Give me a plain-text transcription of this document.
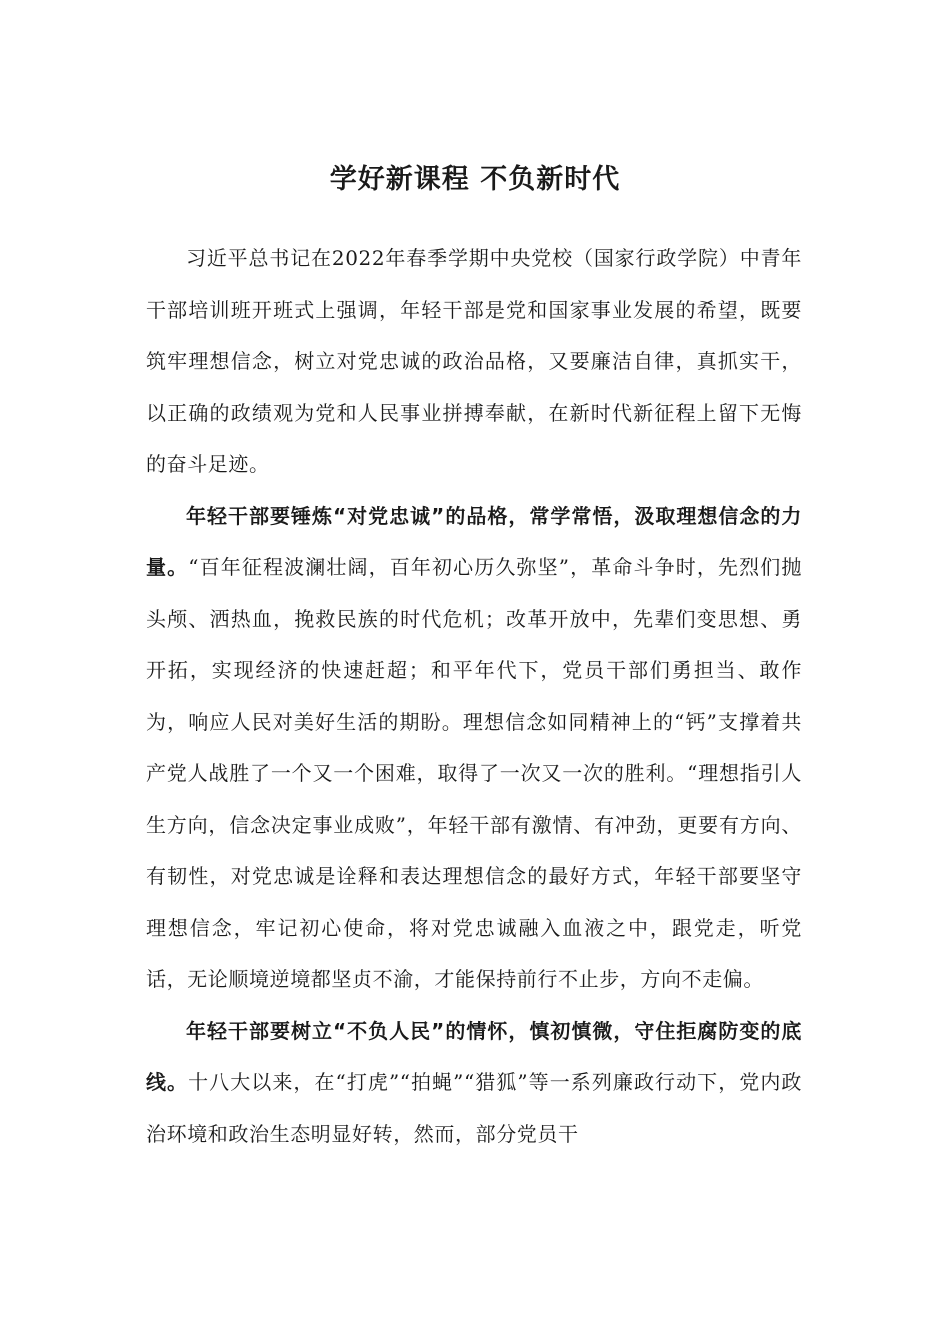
学好新课程 不负新时代

习近平总书记在2022年春季学期中央党校（国家行政学院）中青年干部培训班开班式上强调，年轻干部是党和国家事业发展的希望，既要筑牢理想信念，树立对党忠诚的政治品格，又要廉洁自律，真抓实干，以正确的政绩观为党和人民事业拼搏奉献，在新时代新征程上留下无悔的奋斗足迹。

年轻干部要锤炼“对党忠诚”的品格，常学常悟，汲取理想信念的力量。“百年征程波澜壮阔，百年初心历久弥坚”，革命斗争时，先烈们抛头颅、洒热血，挽救民族的时代危机；改革开放中，先辈们变思想、勇开拓，实现经济的快速赶超；和平年代下，党员干部们勇担当、敢作为，响应人民对美好生活的期盼。理想信念如同精神上的“钙”支撑着共产党人战胜了一个又一个困难，取得了一次又一次的胜利。“理想指引人生方向，信念决定事业成败”，年轻干部有激情、有冲劲，更要有方向、有韧性，对党忠诚是诠释和表达理想信念的最好方式，年轻干部要坚守理想信念，牢记初心使命，将对党忠诚融入血液之中，跟党走，听党话，无论顺境逆境都坚贞不渝，才能保持前行不止步，方向不走偏。

年轻干部要树立“不负人民”的情怀，慎初慎微，守住拒腐防变的底线。十八大以来，在“打虎”“拍蝇”“猎狐”等一系列廉政行动下，党内政治环境和政治生态明显好转，然而，部分党员干
